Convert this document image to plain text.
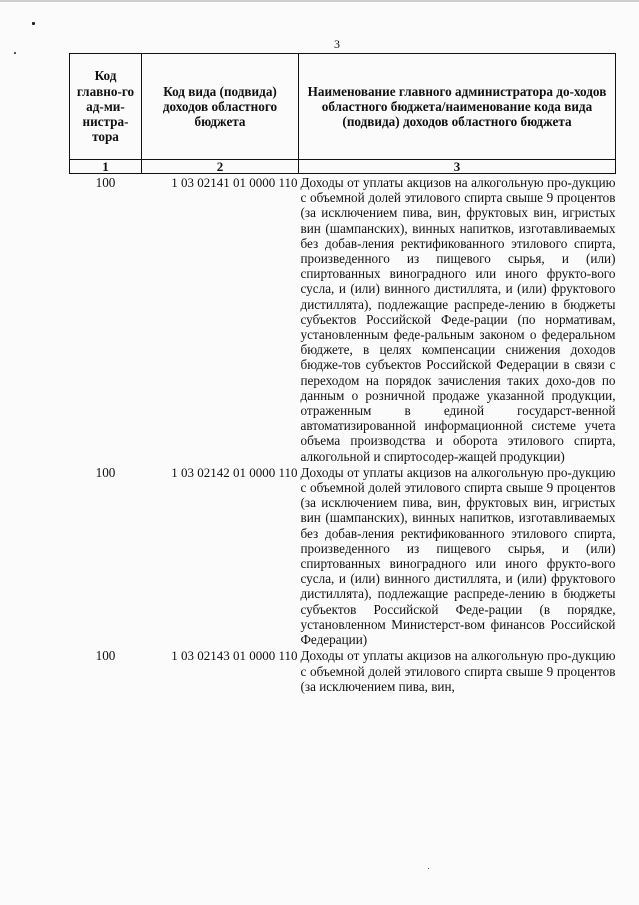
3
Код главно-го ад-ми-нистра-тора	Код вида (подвида) доходов областного бюджета	Наименование главного администратора до-ходов областного бюджета/наименование кода вида (подвида) доходов областного бюджета
1	2	3
100	1 03 02141 01 0000 110	Доходы от уплаты акцизов на алкогольную про-дукцию с объемной долей этилового спирта свыше 9 процентов (за исключением пива, вин, фруктовых вин, игристых вин (шампанских), винных напитков, изготавливаемых без добав-ления ректификованного этилового спирта, произведенного из пищевого сырья, и (или) спиртованных виноградного или иного фрукто-вого сусла, и (или) винного дистиллята, и (или) фруктового дистиллята), подлежащие распреде-лению в бюджеты субъектов Российской Феде-рации (по нормативам, установленным феде-ральным законом о федеральном бюджете, в целях компенсации снижения доходов бюдже-тов субъектов Российской Федерации в связи с переходом на порядок зачисления таких дохо-дов по данным о розничной продаже указанной продукции, отраженным в единой государст-венной автоматизированной информационной системе учета объема производства и оборота этилового спирта, алкогольной и спиртосодер-жащей продукции)
100	1 03 02142 01 0000 110	Доходы от уплаты акцизов на алкогольную про-дукцию с объемной долей этилового спирта свыше 9 процентов (за исключением пива, вин, фруктовых вин, игристых вин (шампанских), винных напитков, изготавливаемых без добав-ления ректификованного этилового спирта, произведенного из пищевого сырья, и (или) спиртованных виноградного или иного фрукто-вого сусла, и (или) винного дистиллята, и (или) фруктового дистиллята), подлежащие распреде-лению в бюджеты субъектов Российской Феде-рации (в порядке, установленном Министерст-вом финансов Российской Федерации)
100	1 03 02143 01 0000 110	Доходы от уплаты акцизов на алкогольную про-дукцию с объемной долей этилового спирта свыше 9 процентов (за исключением пива, вин,
